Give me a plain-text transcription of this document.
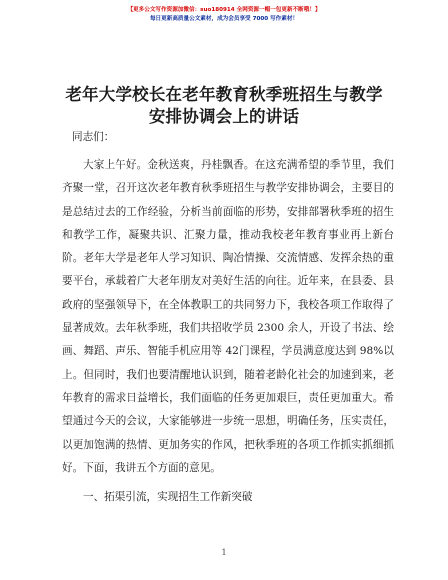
【更多公文写作资源加微信：suo180914 全网资源一帽一包更新不断哦！】
每日更新高质量公文素材，成为会员享受 7000 写作素材！
老年大学校长在老年教育秋季班招生与教学安排协调会上的讲话
同志们：

大家上午好。金秋送爽，丹桂飘香。在这充满希望的季节里，我们齐聚一堂，召开这次老年教育秋季班招生与教学安排协调会，主要目的是总结过去的工作经验，分析当前面临的形势，安排部署秋季班的招生和教学工作，凝聚共识、汇聚力量，推动我校老年教育事业再上新台阶。老年大学是老年人学习知识、陶冶情操、交流情感、发挥余热的重要平台，承载着广大老年朋友对美好生活的向往。近年来，在县委、县政府的坚强领导下，在全体教职工的共同努力下，我校各项工作取得了显著成效。去年秋季班，我们共招收学员 2300 余人，开设了书法、绘画、舞蹈、声乐、智能手机应用等 42门课程，学员满意度达到 98%以上。但同时，我们也要清醒地认识到，随着老龄化社会的加速到来，老年教育的需求日益增长，我们面临的任务更加艰巨，责任更加重大。希望通过今天的会议，大家能够进一步统一思想，明确任务，压实责任，以更加饱满的热情、更加务实的作风，把秋季班的各项工作抓实抓细抓好。下面，我讲五个方面的意见。

一、拓渠引流，实现招生工作新突破

1
